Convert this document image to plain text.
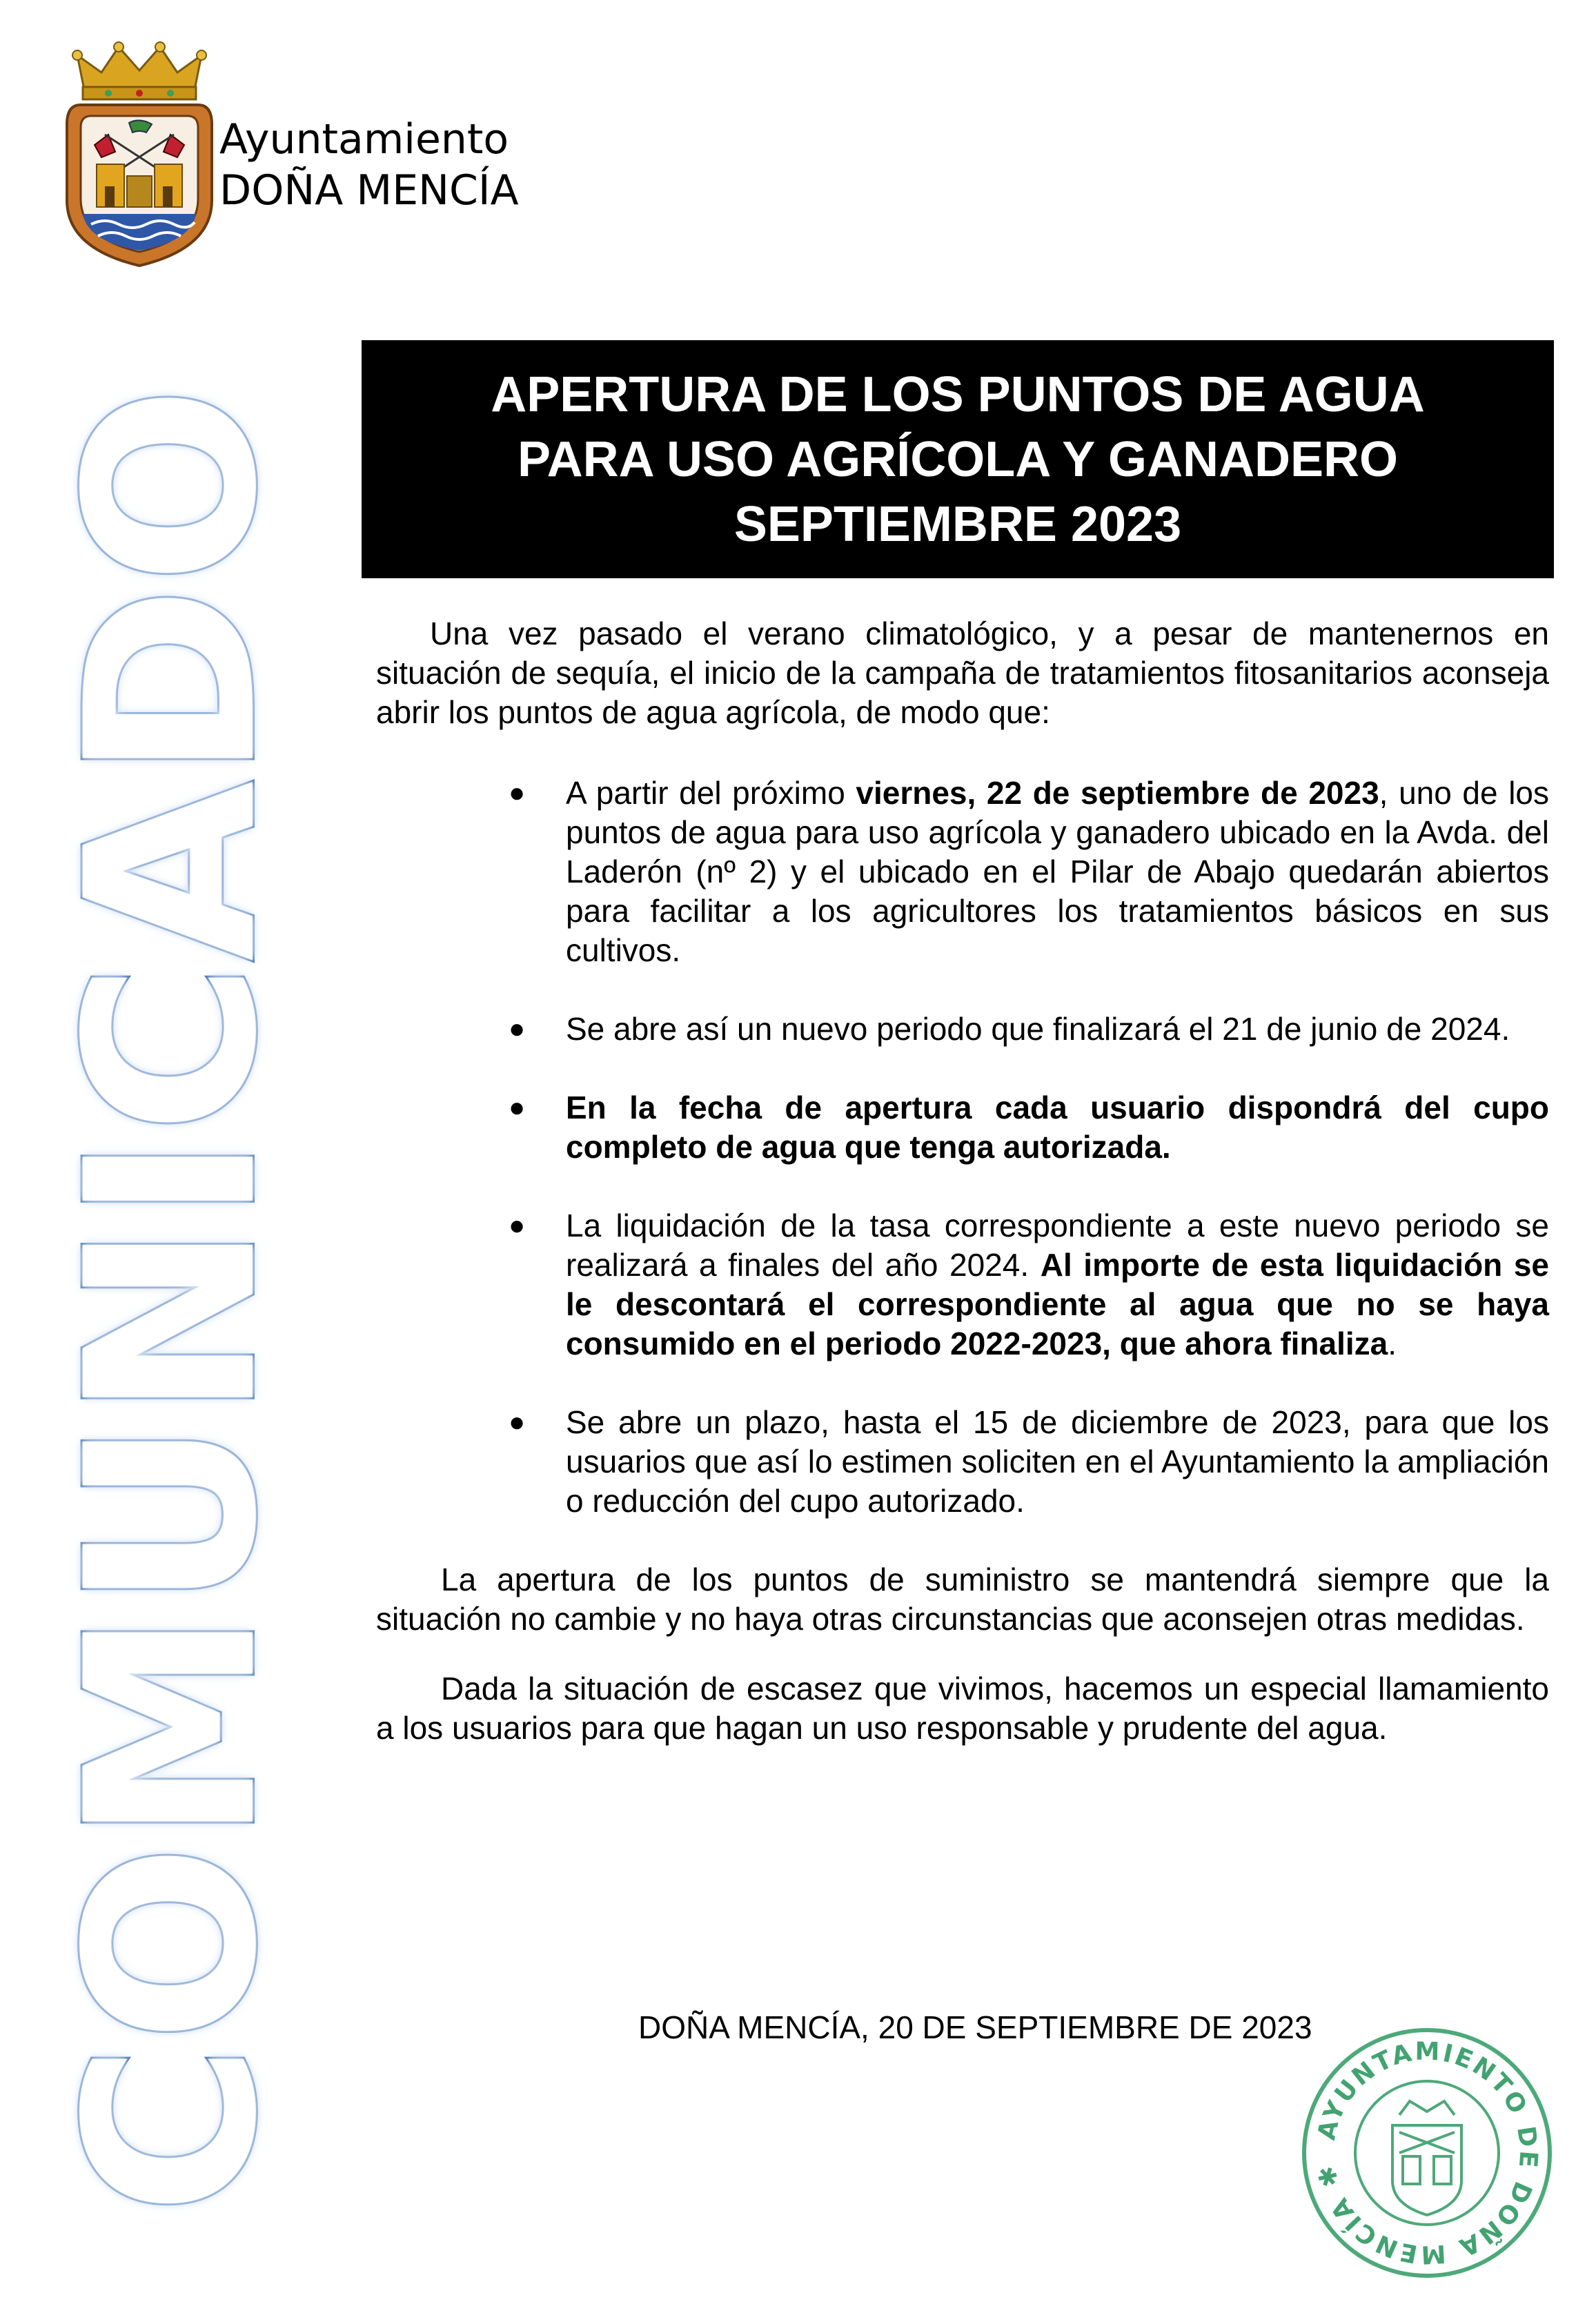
Ayuntamiento
DOÑA MENCÍA
COMUNICADO	APERTURA DE LOS PUNTOS DE AGUA
PARA USO AGRÍCOLA Y GANADERO
SEPTIEMBRE 2023

Una vez pasado el verano climatológico, y a pesar de mantenernos en situación de sequía, el inicio de la campaña de tratamientos fitosanitarios aconseja abrir los puntos de agua agrícola, de modo que:

● A partir del próximo viernes, 22 de septiembre de 2023, uno de los puntos de agua para uso agrícola y ganadero ubicado en la Avda. del Laderón (nº 2) y el ubicado en el Pilar de Abajo quedarán abiertos para facilitar a los agricultores los tratamientos básicos en sus cultivos.
● Se abre así un nuevo periodo que finalizará el 21 de junio de 2024.
● En la fecha de apertura cada usuario dispondrá del cupo completo de agua que tenga autorizada.
● La liquidación de la tasa correspondiente a este nuevo periodo se realizará a finales del año 2024. Al importe de esta liquidación se le descontará el correspondiente al agua que no se haya consumido en el periodo 2022-2023, que ahora finaliza.
● Se abre un plazo, hasta el 15 de diciembre de 2023, para que los usuarios que así lo estimen soliciten en el Ayuntamiento la ampliación o reducción del cupo autorizado.

La apertura de los puntos de suministro se mantendrá siempre que la situación no cambie y no haya otras circunstancias que aconsejen otras medidas.

Dada la situación de escasez que vivimos, hacemos un especial llamamiento a los usuarios para que hagan un uso responsable y prudente del agua.

DOÑA MENCÍA, 20 DE SEPTIEMBRE DE 2023
AYUNTAMIENTO DE DOÑA MENCÍA ✱
